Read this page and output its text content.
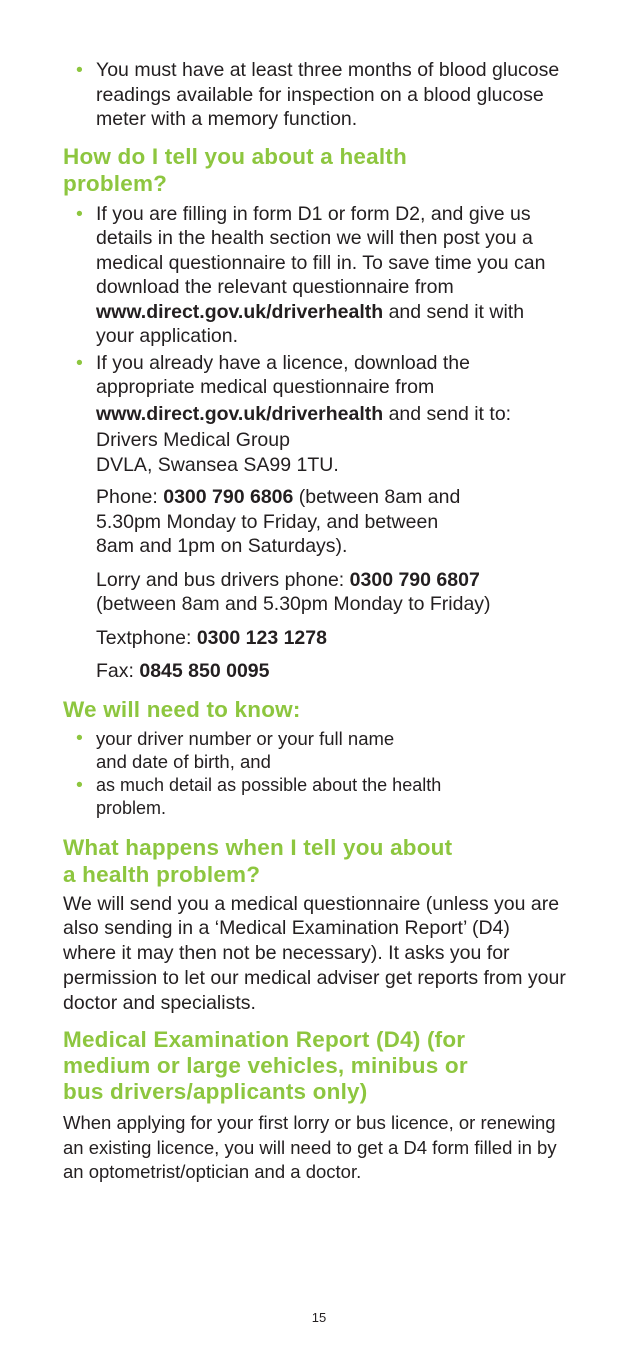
• You must have at least three months of blood glucose readings available for inspection on a blood glucose meter with a memory function.
How do I tell you about a health
problem?
• If you are filling in form D1 or form D2, and give us details in the health section we will then post you a medical questionnaire to fill in. To save time you can download the relevant questionnaire from www.direct.gov.uk/driverhealth and send it with your application.
• If you already have a licence, download the appropriate medical questionnaire from
www.direct.gov.uk/driverhealth and send it to:
Drivers Medical Group
DVLA, Swansea SA99 1TU.
Phone: 0300 790 6806 (between 8am and
5.30pm Monday to Friday, and between
8am and 1pm on Saturdays).
Lorry and bus drivers phone: 0300 790 6807
(between 8am and 5.30pm Monday to Friday)
Textphone: 0300 123 1278
Fax: 0845 850 0095
We will need to know:
• your driver number or your full name
and date of birth, and
• as much detail as possible about the health
problem.
What happens when I tell you about
a health problem?

We will send you a medical questionnaire (unless you are also sending in a ‘Medical Examination Report’ (D4) where it may then not be necessary). It asks you for permission to let our medical adviser get reports from your doctor and specialists.

Medical Examination Report (D4) (for
medium or large vehicles, minibus or
bus drivers/applicants only)

When applying for your first lorry or bus licence, or renewing an existing licence, you will need to get a D4 form filled in by an optometrist/optician and a doctor.

15
